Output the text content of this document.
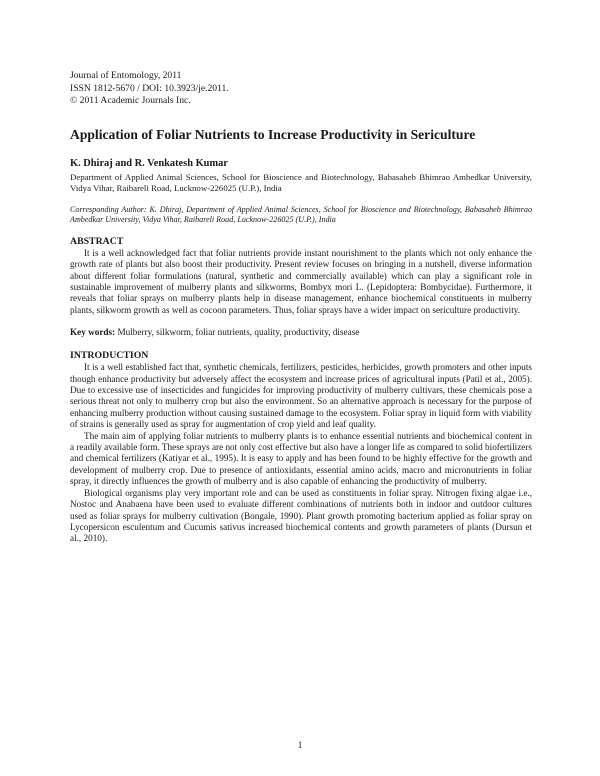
Journal of Entomology, 2011
ISSN 1812-5670 / DOI: 10.3923/je.2011.
© 2011 Academic Journals Inc.
Application of Foliar Nutrients to Increase Productivity in Sericulture
K. Dhiraj and R. Venkatesh Kumar
Department of Applied Animal Sciences, School for Bioscience and Biotechnology, Babasaheb Bhimrao Ambedkar University, Vidya Vihar, Raibareli Road, Lucknow-226025 (U.P.), India
Corresponding Author: K. Dhiraj, Department of Applied Animal Sciences, School for Bioscience and Biotechnology, Babasaheb Bhimrao Ambedkar University, Vidya Vihar, Raibareli Road, Lucknow-226025 (U.P.), India
ABSTRACT

It is a well acknowledged fact that foliar nutrients provide instant nourishment to the plants which not only enhance the growth rate of plants but also boost their productivity. Present review focuses on bringing in a nutshell, diverse information about different foliar formulations (natural, synthetic and commercially available) which can play a significant role in sustainable improvement of mulberry plants and silkworms, Bombyx mori L. (Lepidoptera: Bombycidae). Furthermore, it reveals that foliar sprays on mulberry plants help in disease management, enhance biochemical constituents in mulberry plants, silkworm growth as well as cocoon parameters. Thus, foliar sprays have a wider impact on sericulture productivity.

Key words: Mulberry, silkworm, foliar nutrients, quality, productivity, disease
INTRODUCTION

It is a well established fact that, synthetic chemicals, fertilizers, pesticides, herbicides, growth promoters and other inputs though enhance productivity but adversely affect the ecosystem and increase prices of agricultural inputs (Patil et al., 2005). Due to excessive use of insecticides and fungicides for improving productivity of mulberry cultivars, these chemicals pose a serious threat not only to mulberry crop but also the environment. So an alternative approach is necessary for the purpose of enhancing mulberry production without causing sustained damage to the ecosystem. Foliar spray in liquid form with viability of strains is generally used as spray for augmentation of crop yield and leaf quality.

The main aim of applying foliar nutrients to mulberry plants is to enhance essential nutrients and biochemical content in a readily available form. These sprays are not only cost effective but also have a longer life as compared to solid biofertilizers and chemical fertilizers (Katiyar et al., 1995). It is easy to apply and has been found to be highly effective for the growth and development of mulberry crop. Due to presence of antioxidants, essential amino acids, macro and micronutrients in foliar spray, it directly influences the growth of mulberry and is also capable of enhancing the productivity of mulberry.

Biological organisms play very important role and can be used as constituents in foliar spray. Nitrogen fixing algae i.e., Nostoc and Anabaena have been used to evaluate different combinations of nutrients both in indoor and outdoor cultures used as foliar sprays for mulberry cultivation (Bongale, 1990). Plant growth promoting bacterium applied as foliar spray on Lycopersicon esculentum and Cucumis sativus increased biochemical contents and growth parameters of plants (Dursun et al., 2010).

1
